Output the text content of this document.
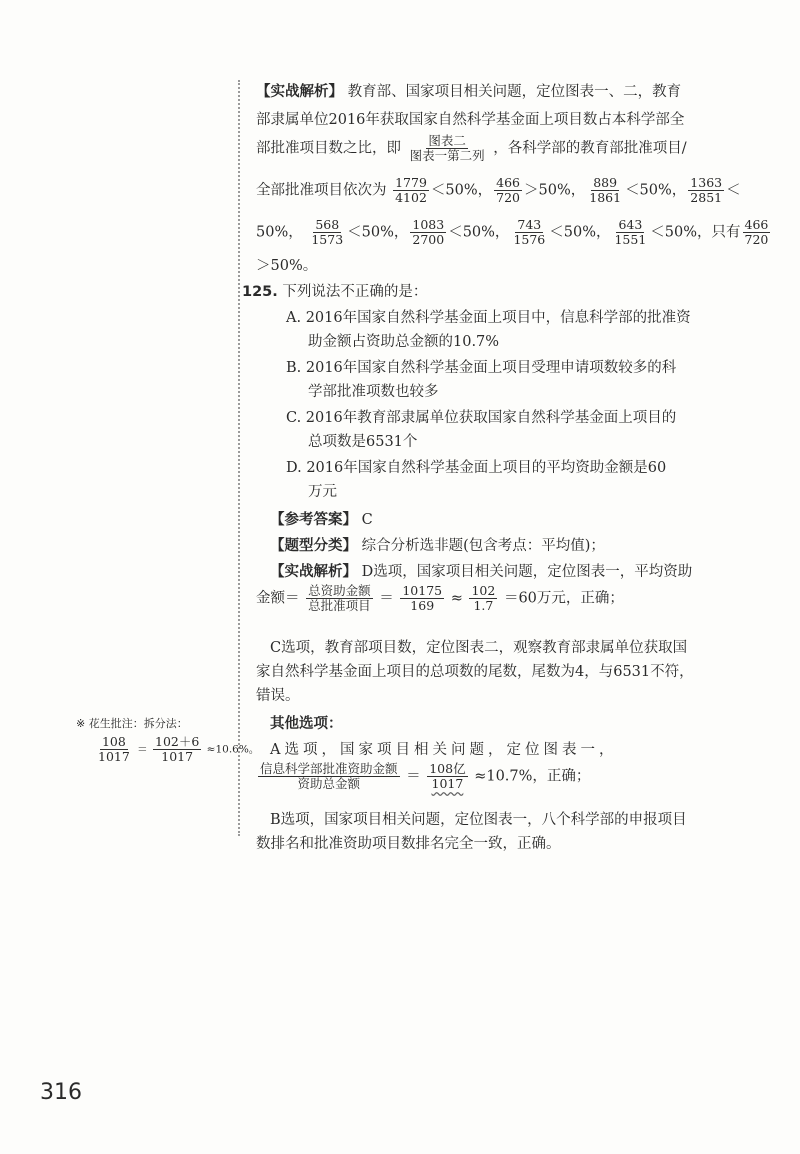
※ 花生批注：拆分法：
$\frac{108}{1017} = \frac{102+6}{1017} \approx 10.6\%$。
【实战解析】 教育部、国家项目相关问题，定位图表一、二，教育
部隶属单位2016年获取国家自然科学基金面上项目数占本科学部全
部批准项目数之比，即 $\frac{\text{图表二}}{\text{图表一第二列}}$ ，各科学部的教育部批准项目/
全部批准项目依次为 $\frac{1779}{4102} <50\%$， $\frac{466}{720} >50\%$， $\frac{889}{1861} <50\%$， $\frac{1363}{2851}$ ＜
50%， $\frac{568}{1573} <50\%$， $\frac{1083}{2700} <50\%$， $\frac{743}{1576} <50\%$， $\frac{643}{1551} <50\%$，只有 $\frac{466}{720}$
＞50%。
125. 下列说法不正确的是：
A. 2016年国家自然科学基金面上项目中，信息科学部的批准资
助金额占资助总金额的10.7%
B. 2016年国家自然科学基金面上项目受理申请项数较多的科
学部批准项数也较多
C. 2016年教育部隶属单位获取国家自然科学基金面上项目的
总项数是6531个
D. 2016年国家自然科学基金面上项目的平均资助金额是60
万元
【参考答案】 C
【题型分类】 综合分析选非题(包含考点：平均值)；
【实战解析】 D选项，国家项目相关问题，定位图表一，平均资助
金额＝ $\frac{\text{总资助金额}}{\text{总批准项目}} = \frac{10175}{169} \approx \frac{102}{1.7} =60$万元，正确；
C选项，教育部项目数，定位图表二，观察教育部隶属单位获取国
家自然科学基金面上项目的总项数的尾数，尾数为4，与6531不符，
错误。
其他选项：
A选项，国家项目相关问题，定位图表一，
$\frac{\text{信息科学部批准资助金额}}{\text{资助总金额}} = \frac{\text{108亿}}{1017} \approx 10.7\%$，正确；
B选项，国家项目相关问题，定位图表一，八个科学部的申报项目
数排名和批准资助项目数排名完全一致，正确。
316
